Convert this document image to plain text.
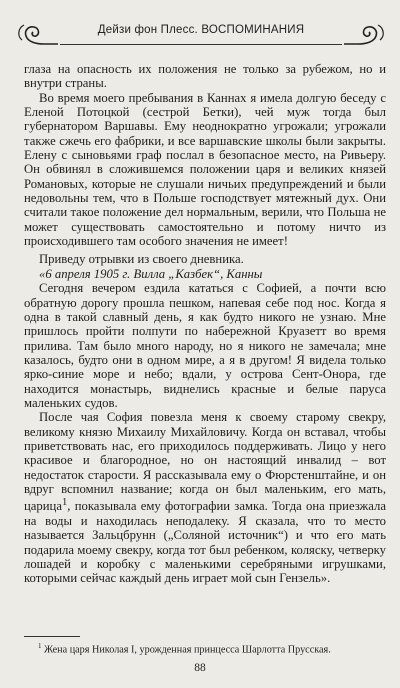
Дейзи фон Плесс. ВОСПОМИНАНИЯ

глаза на опасность их положения не только за рубежом, но и внутри страны.

Во время моего пребывания в Каннах я имела долгую беседу с Еленой Потоцкой (сестрой Бетки), чей муж тогда был губернатором Варшавы. Ему неоднократно угрожали; угрожали также сжечь его фабрики, и все варшавские школы были закрыты. Елену с сыновьями граф послал в безопасное место, на Ривьеру. Он обвинял в сложившемся положении царя и великих князей Романовых, которые не слушали ничьих предупреждений и были недовольны тем, что в Польше господствует мятежный дух. Они считали такое положение дел нормальным, верили, что Польша не может существовать самостоятельно и потому ничто из происходившего там особого значения не имеет!

Приведу отрывки из своего дневника.

«6 апреля 1905 г. Вилла „Казбек“, Канны

Сегодня вечером ездила кататься с Софией, а почти всю обратную дорогу прошла пешком, напевая себе под нос. Когда я одна в такой славный день, я как будто никого не узнаю. Мне пришлось пройти полпути по набережной Круазетт во время прилива. Там было много народу, но я никого не замечала; мне казалось, будто они в одном мире, а я в другом! Я видела только ярко-синие море и небо; вдали, у острова Сент-Онора, где находится монастырь, виднелись красные и белые паруса маленьких судов.

После чая София повезла меня к своему старому свекру, великому князю Михаилу Михайловичу. Когда он вставал, чтобы приветствовать нас, его приходилось поддерживать. Лицо у него красивое и благородное, но он настоящий инвалид – вот недостаток старости. Я рассказывала ему о Фюрстенштайне, и он вдруг вспомнил название; когда он был маленьким, его мать, царица$^1$, показывала ему фотографии замка. Тогда она приезжала на воды и находилась неподалеку. Я сказала, что то место называется Зальцбрунн („Соляной источник“) и что его мать подарила моему свекру, когда тот был ребенком, коляску, четверку лошадей и коробку с маленькими серебряными игрушками, которыми сейчас каждый день играет мой сын Гензель».

$^1$ Жена царя Николая I, урожденная принцесса Шарлотта Прусская.
88
